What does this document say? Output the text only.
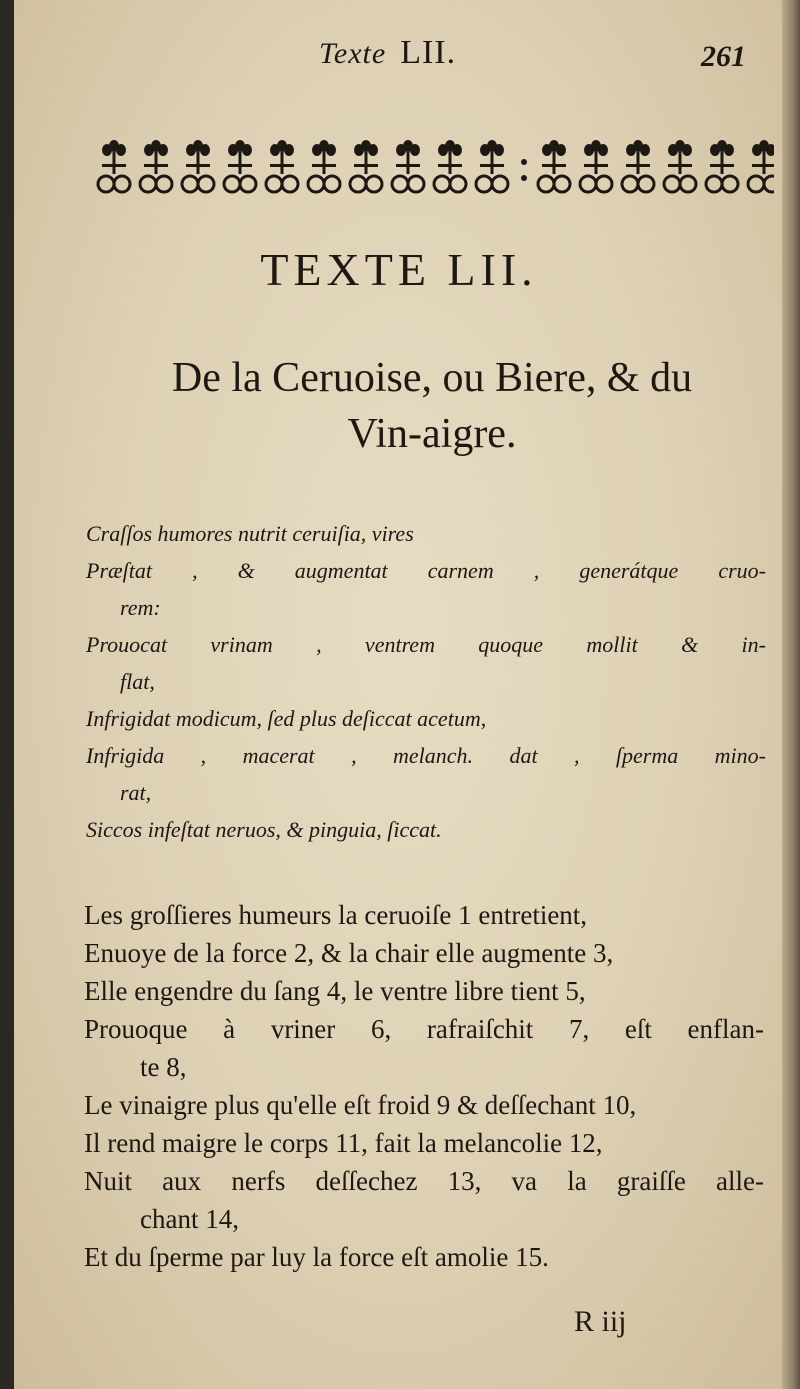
Texte LII.	261
TEXTE LII.
De la Ceruoise, ou Biere, & du
Vin-aigre.
Craſſos humores nutrit ceruiſia, vires
Præſtat , & augmentat carnem , generátque cruo-
rem:
Prouocat vrinam , ventrem quoque mollit & in-
flat,
Infrigidat modicum, ſed plus deſiccat acetum,
Infrigida , macerat , melanch. dat , ſperma mino-
rat,
Siccos infeſtat neruos, & pinguia, ſiccat.
Les groſſieres humeurs la ceruoiſe 1 entretient,
Enuoye de la force 2, & la chair elle augmente 3,
Elle engendre du ſang 4, le ventre libre tient 5,
Prouoque à vriner 6, rafraiſchit 7, eſt enflan-
te 8,
Le vinaigre plus qu'elle eſt froid 9 & deſſechant 10,
Il rend maigre le corps 11, fait la melancolie 12,
Nuit aux nerfs deſſechez 13, va la graiſſe alle-
chant 14,
Et du ſperme par luy la force eſt amolie 15.
R iij
